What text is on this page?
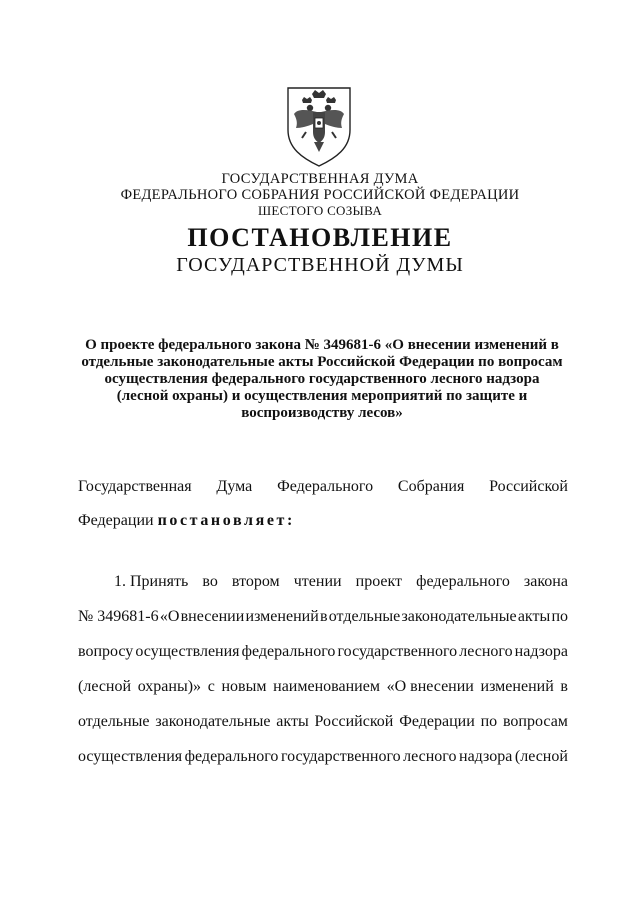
ГОСУДАРСТВЕННАЯ ДУМА
ФЕДЕРАЛЬНОГО СОБРАНИЯ РОССИЙСКОЙ ФЕДЕРАЦИИ
ШЕСТОГО СОЗЫВА
ПОСТАНОВЛЕНИЕ
ГОСУДАРСТВЕННОЙ ДУМЫ
О проекте федерального закона № 349681-6 «О внесении изменений в
отдельные законодательные акты Российской Федерации по вопросам
осуществления федерального государственного лесного надзора
(лесной охраны) и осуществления мероприятий по защите и
воспроизводству лесов»
Государственная Дума Федерального Собрания Российской
Федерации постановляет:
1. Принять во втором чтении проект федерального закона
№ 349681-6 «О внесении изменений в отдельные законодательные акты по
вопросу осуществления федерального государственного лесного надзора
(лесной охраны)» с новым наименованием «О внесении изменений в
отдельные законодательные акты Российской Федерации по вопросам
осуществления федерального государственного лесного надзора (лесной
